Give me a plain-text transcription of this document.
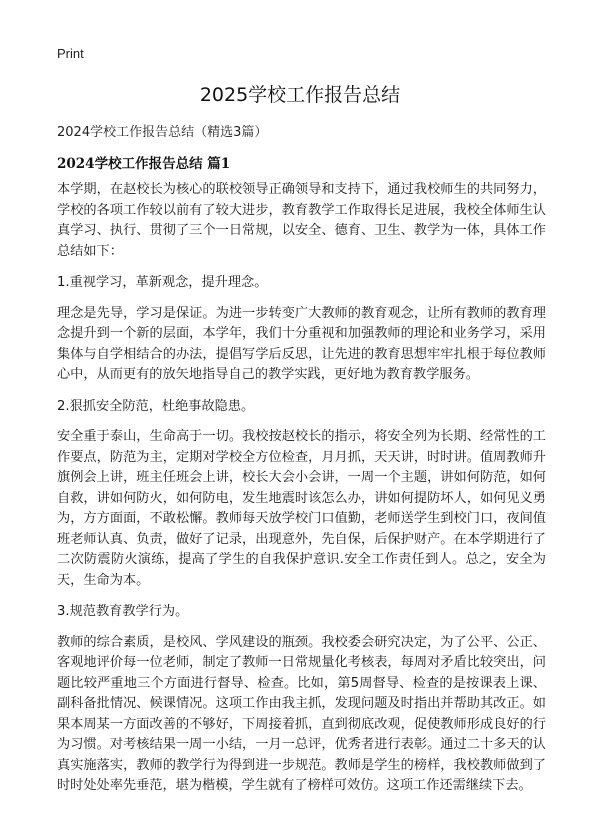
Print
2025学校工作报告总结
2024学校工作报告总结（精选3篇）
2024学校工作报告总结 篇1

本学期，在赵校长为核心的联校领导正确领导和支持下，通过我校师生的共同努力，学校的各项工作较以前有了较大进步，教育教学工作取得长足进展，我校全体师生认真学习、执行、贯彻了三个一日常规，以安全、德育、卫生、教学为一体，具体工作总结如下：

1.重视学习，革新观念，提升理念。

理念是先导，学习是保证。为进一步转变广大教师的教育观念，让所有教师的教育理念提升到一个新的层面，本学年，我们十分重视和加强教师的理论和业务学习，采用集体与自学相结合的办法，提倡写学后反思，让先进的教育思想牢牢扎根于每位教师心中，从而更有的放矢地指导自己的教学实践，更好地为教育教学服务。

2.狠抓安全防范，杜绝事故隐患。

安全重于泰山，生命高于一切。我校按赵校长的指示，将安全列为长期、经常性的工作要点，防范为主，定期对学校全方位检查，月月抓，天天讲，时时讲。值周教师升旗例会上讲，班主任班会上讲，校长大会小会讲，一周一个主题，讲如何防范，如何自救，讲如何防火，如何防电，发生地震时该怎么办，讲如何提防坏人，如何见义勇为，方方面面，不敢松懈。教师每天放学校门口值勤，老师送学生到校门口，夜间值班老师认真、负责，做好了记录，出现意外，先自保，后保护财产。在本学期进行了二次防震防火演练，提高了学生的自我保护意识.安全工作责任到人。总之，安全为天，生命为本。

3.规范教育教学行为。

教师的综合素质，是校风、学风建设的瓶颈。我校委会研究决定，为了公平、公正、客观地评价每一位老师，制定了教师一日常规量化考核表，每周对矛盾比较突出，问题比较严重地三个方面进行督导、检查。比如，第5周督导、检查的是按课表上课、副科备批情况、候课情况。这项工作由我主抓，发现问题及时指出并帮助其改正。如果本周某一方面改善的不够好，下周接着抓，直到彻底改观，促使教师形成良好的行为习惯。对考核结果一周一小结，一月一总评，优秀者进行表彰。通过二十多天的认真实施落实，教师的教学行为得到进一步规范。教师是学生的榜样，我校教师做到了时时处处率先垂范，堪为楷模，学生就有了榜样可效仿。这项工作还需继续下去。
